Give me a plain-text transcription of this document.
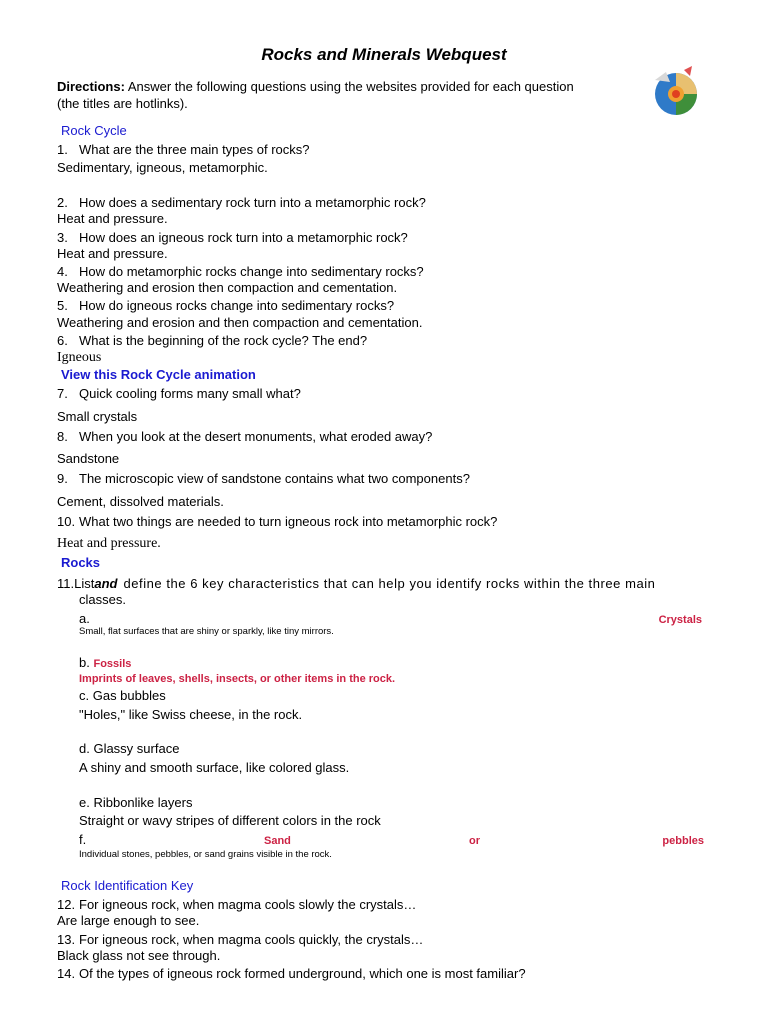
Rocks and Minerals Webquest
Directions: Answer the following questions using the websites provided for each question
(the titles are hotlinks).
Rock Cycle
1. What are the three main types of rocks?
Sedimentary, igneous, metamorphic.
2. How does a sedimentary rock turn into a metamorphic rock?
Heat and pressure.
3. How does an igneous rock turn into a metamorphic rock?
Heat and pressure.
4. How do metamorphic rocks change into sedimentary rocks?
Weathering and erosion then compaction and cementation.
5. How do igneous rocks change into sedimentary rocks?
Weathering and erosion and then compaction and cementation.
6. What is the beginning of the rock cycle? The end?
Igneous
View this Rock Cycle animation
7. Quick cooling forms many small what?
Small crystals
8. When you look at the desert monuments, what eroded away?
Sandstone
9. The microscopic view of sandstone contains what two components?
Cement, dissolved materials.
10. What two things are needed to turn igneous rock into metamorphic rock?
Heat and pressure.
Rocks
11. List and define the 6 key characteristics that can help you identify rocks within the three main
classes.
a.	Crystals
Small, flat surfaces that are shiny or sparkly, like tiny mirrors.
b. Fossils
Imprints of leaves, shells, insects, or other items in the rock.
c. Gas bubbles
"Holes," like Swiss cheese, in the rock.
d. Glassy surface
A shiny and smooth surface, like colored glass.
e. Ribbonlike layers
Straight or wavy stripes of different colors in the rock
f.	Sand	or	pebbles
Individual stones, pebbles, or sand grains visible in the rock.
Rock Identification Key
12. For igneous rock, when magma cools slowly the crystals…
Are large enough to see.
13. For igneous rock, when magma cools quickly, the crystals…
Black glass not see through.
14. Of the types of igneous rock formed underground, which one is most familiar?
